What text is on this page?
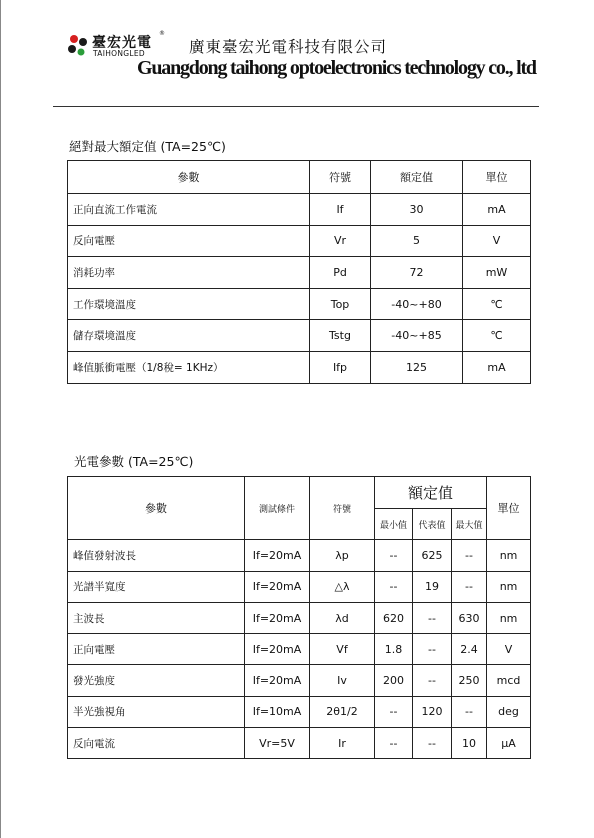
臺宏光電
TAIHONGLED
®
廣東臺宏光電科技有限公司
Guangdong taihong optoelectronics technology co., ltd
絕對最大額定值 (TA=25℃)
參數	符號	額定值	單位
正向直流工作電流	If	30	mA
反向電壓	Vr	5	V
消耗功率	Pd	72	mW
工作環境溫度	Top	-40~+80	℃
儲存環境溫度	Tstg	-40~+85	℃
峰值脈衝電壓（1/8稅= 1KHz）	Ifp	125	mA
光電參數 (TA=25℃)
參數	測試條件	符號	額定值			單位
			最小值	代表值	最大值	
峰值發射波長	If=20mA	λp	--	625	--	nm
光譜半寬度	If=20mA	△λ	--	19	--	nm
主波長	If=20mA	λd	620	--	630	nm
正向電壓	If=20mA	Vf	1.8	--	2.4	V
發光強度	If=20mA	Iv	200	--	250	mcd
半光強視角	If=10mA	2θ1/2	--	120	--	deg
反向電流	Vr=5V	Ir	--	--	10	μA
